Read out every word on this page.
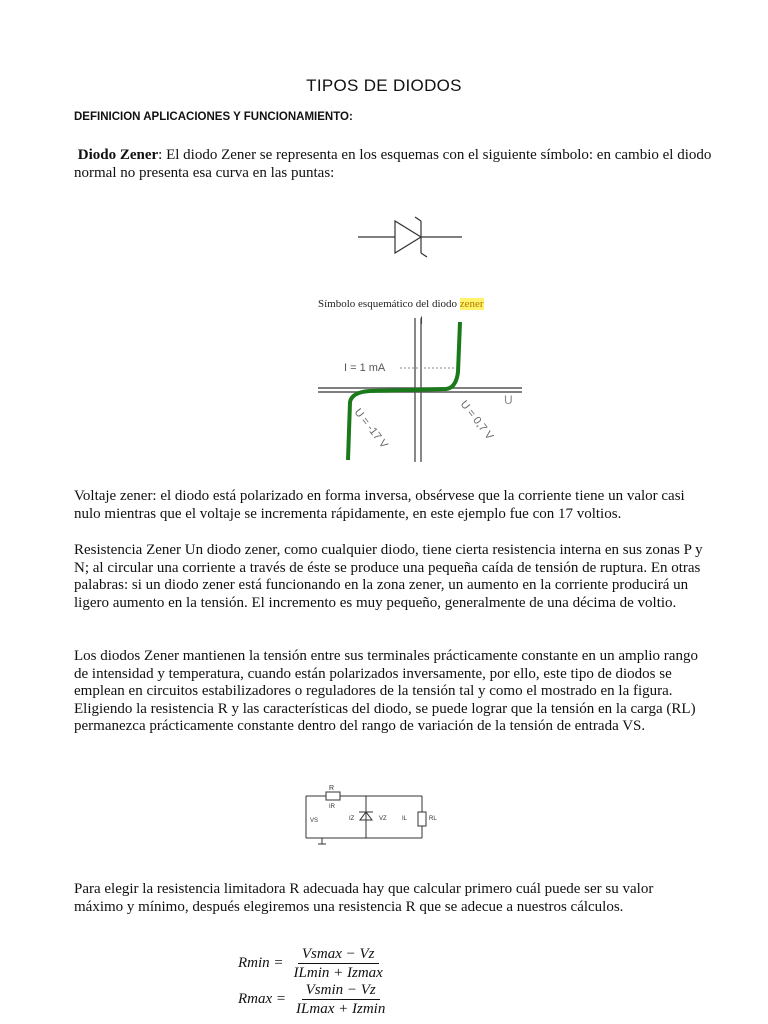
TIPOS DE DIODOS
DEFINICION APLICACIONES Y FUNCIONAMIENTO:
Diodo Zener: El diodo Zener se representa en los esquemas con el siguiente símbolo: en cambio el diodo normal no presenta esa curva en las puntas:
Símbolo esquemático del diodo zener
I
I = 1 mA
U
U = -17 V	U = 0,7 V
Voltaje zener: el diodo está polarizado en forma inversa, obsérvese que la corriente tiene un valor casi nulo mientras que el voltaje se incrementa rápidamente, en este ejemplo fue con 17 voltios.
Resistencia Zener Un diodo zener, como cualquier diodo, tiene cierta resistencia interna en sus zonas P y N; al circular una corriente a través de éste se produce una pequeña caída de tensión de ruptura. En otras palabras: si un diodo zener está funcionando en la zona zener, un aumento en la corriente producirá un ligero aumento en la tensión. El incremento es muy pequeño, generalmente de una décima de voltio.
Los diodos Zener mantienen la tensión entre sus terminales prácticamente constante en un amplio rango de intensidad y temperatura, cuando están polarizados inversamente, por ello, este tipo de diodos se emplean en circuitos estabilizadores o reguladores de la tensión tal y como el mostrado en la figura. Eligiendo la resistencia R y las características del diodo, se puede lograr que la tensión en la carga (RL) permanezca prácticamente constante dentro del rango de variación de la tensión de entrada VS.
R
IR
VS	IZ	VZ	IL	RL
Para elegir la resistencia limitadora R adecuada hay que calcular primero cuál puede ser su valor máximo y mínimo, después elegiremos una resistencia R que se adecue a nuestros cálculos.
$Rmin = \frac{Vsmax - Vz}{ILmin + Izmax}$
$Rmax = \frac{Vsmin - Vz}{ILmax + Izmin}$
